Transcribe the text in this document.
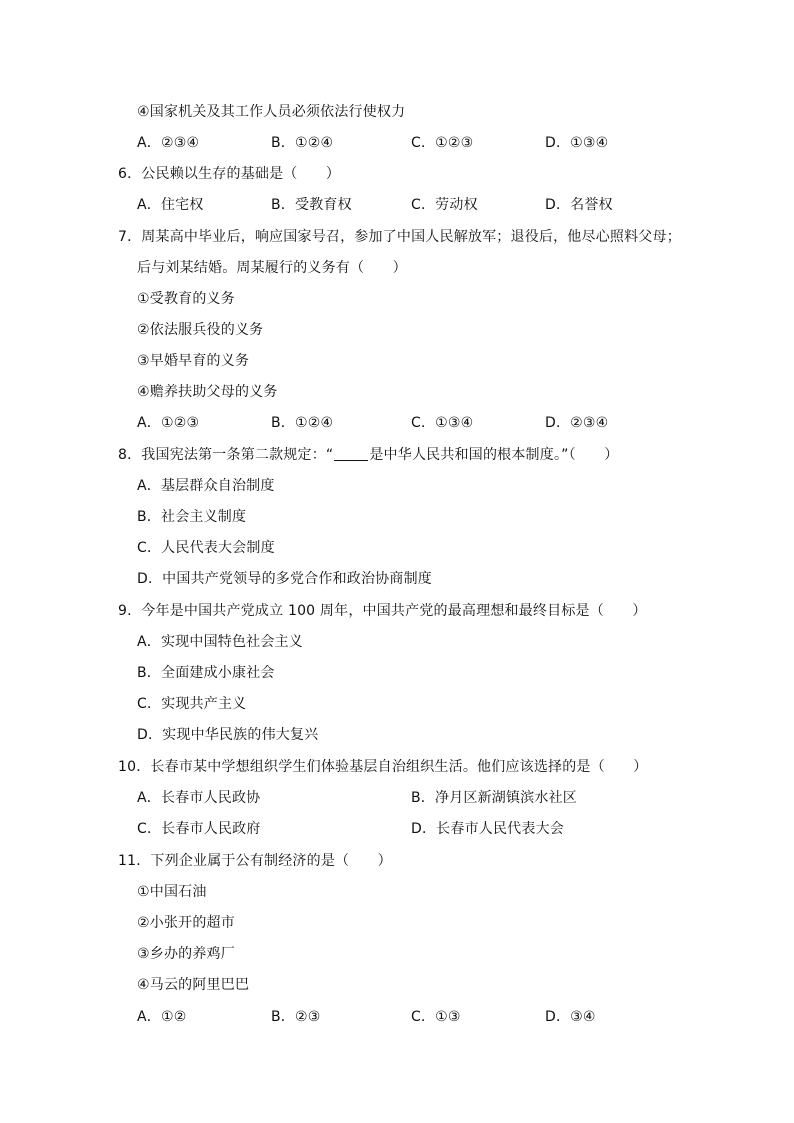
④国家机关及其工作人员必须依法行使权力
A．②③④	B．①②④	C．①②③	D．①③④
6．公民赖以生存的基础是（　　）
A．住宅权	B．受教育权	C．劳动权	D．名誉权
7．周某高中毕业后，响应国家号召，参加了中国人民解放军；退役后，他尽心照料父母；
后与刘某结婚。周某履行的义务有（　　）
①受教育的义务
②依法服兵役的义务
③早婚早育的义务
④赡养扶助父母的义务
A．①②③	B．①②④	C．①③④	D．②③④
8．我国宪法第一条第二款规定：“	是中华人民共和国的根本制度。”（　　）
A．基层群众自治制度
B．社会主义制度
C．人民代表大会制度
D．中国共产党领导的多党合作和政治协商制度
9．今年是中国共产党成立 100 周年，中国共产党的最高理想和最终目标是（　　）
A．实现中国特色社会主义
B．全面建成小康社会
C．实现共产主义
D．实现中华民族的伟大复兴
10．长春市某中学想组织学生们体验基层自治组织生活。他们应该选择的是（　　）
A．长春市人民政协	B．净月区新湖镇滨水社区
C．长春市人民政府	D．长春市人民代表大会
11．下列企业属于公有制经济的是（　　）
①中国石油
②小张开的超市
③乡办的养鸡厂
④马云的阿里巴巴
A．①②	B．②③	C．①③	D．③④
